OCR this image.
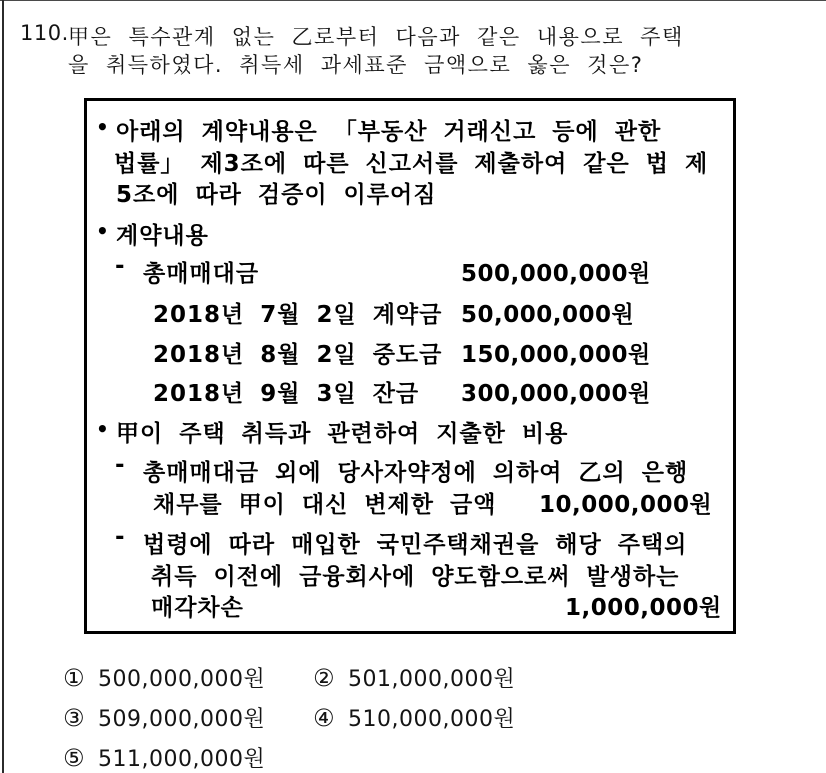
110. 甲은 특수관계 없는 乙로부터 다음과 같은 내용으로 주택
을 취득하였다. 취득세 과세표준 금액으로 옳은 것은?
• 아래의 계약내용은 「부동산 거래신고 등에 관한
법률」 제3조에 따른 신고서를 제출하여 같은 법 제
5조에 따라 검증이 이루어짐
• 계약내용
- 총매매대금	500,000,000원
2018년 7월 2일 계약금 50,000,000원
2018년 8월 2일 중도금 150,000,000원
2018년 9월 3일 잔금 300,000,000원
• 甲이 주택 취득과 관련하여 지출한 비용
- 총매매대금 외에 당사자약정에 의하여 乙의 은행
채무를 甲이 대신 변제한 금액 10,000,000원
- 법령에 따라 매입한 국민주택채권을 해당 주택의
취득 이전에 금융회사에 양도함으로써 발생하는
매각차손	1,000,000원
① 500,000,000원 ② 501,000,000원
③ 509,000,000원 ④ 510,000,000원
⑤ 511,000,000원
